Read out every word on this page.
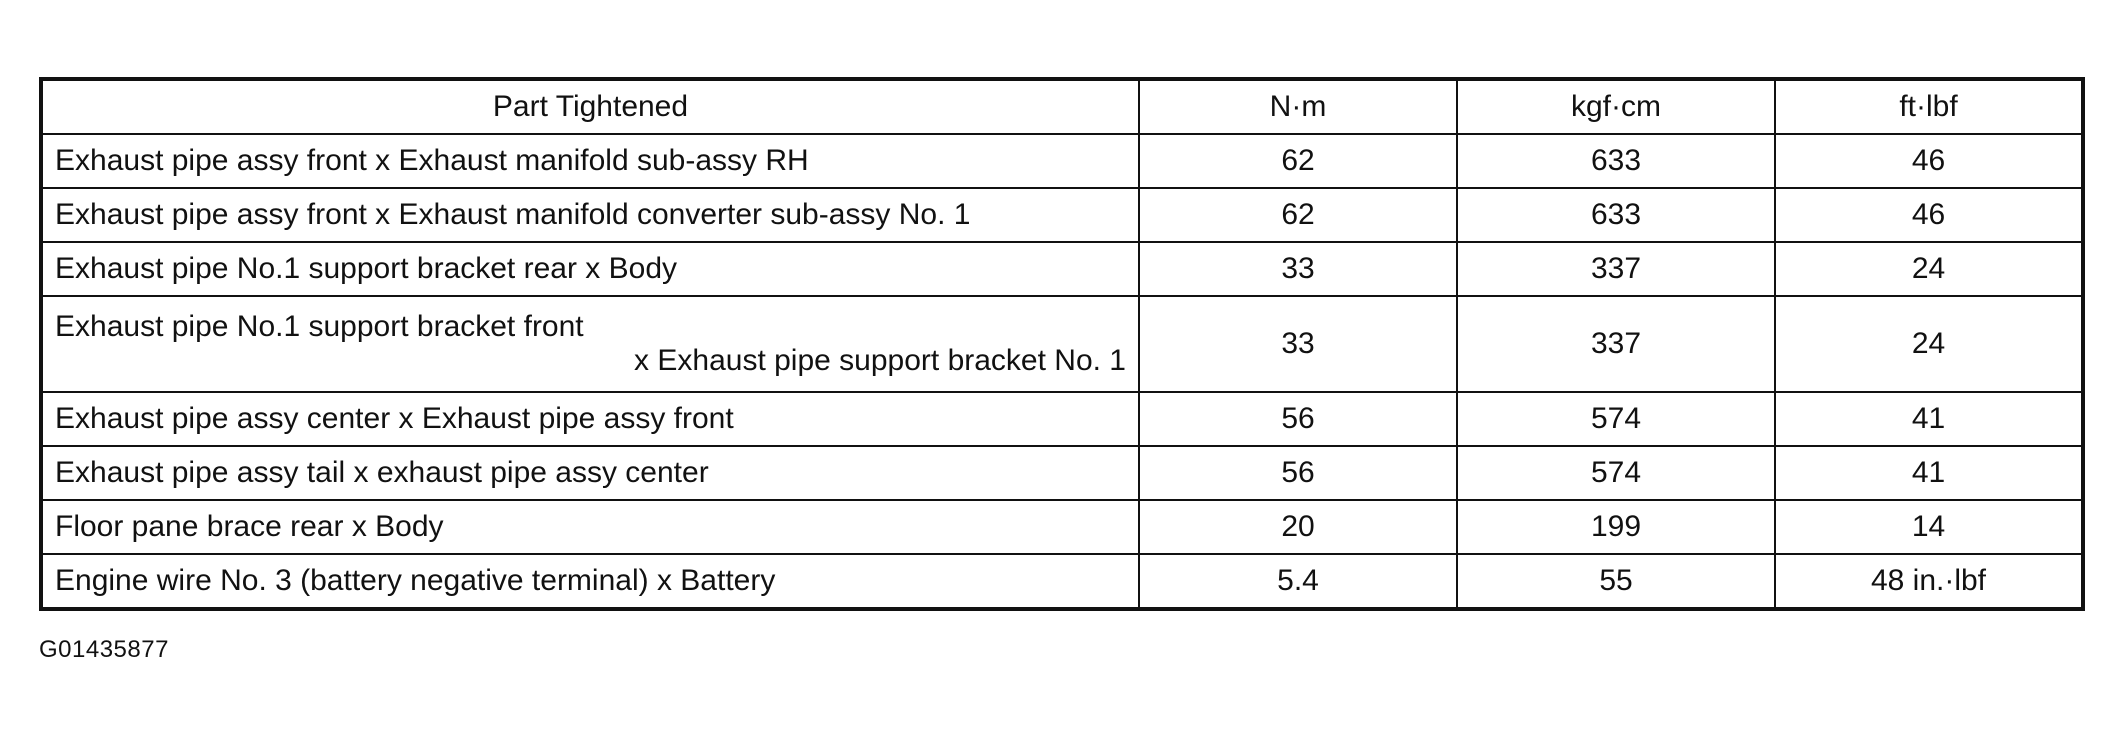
Part Tightened	N·m	kgf·cm	ft·lbf
Exhaust pipe assy front x Exhaust manifold sub-assy RH	62	633	46
Exhaust pipe assy front x Exhaust manifold converter sub-assy No. 1	62	633	46
Exhaust pipe No.1 support bracket rear x Body	33	337	24

Exhaust pipe No.1 support bracket front
x Exhaust pipe support bracket No. 1	33	337	24
Exhaust pipe assy center x Exhaust pipe assy front	56	574	41
Exhaust pipe assy tail x exhaust pipe assy center	56	574	41
Floor pane brace rear x Body	20	199	14
Engine wire No. 3 (battery negative terminal) x Battery	5.4	55	48 in.·lbf
G01435877
